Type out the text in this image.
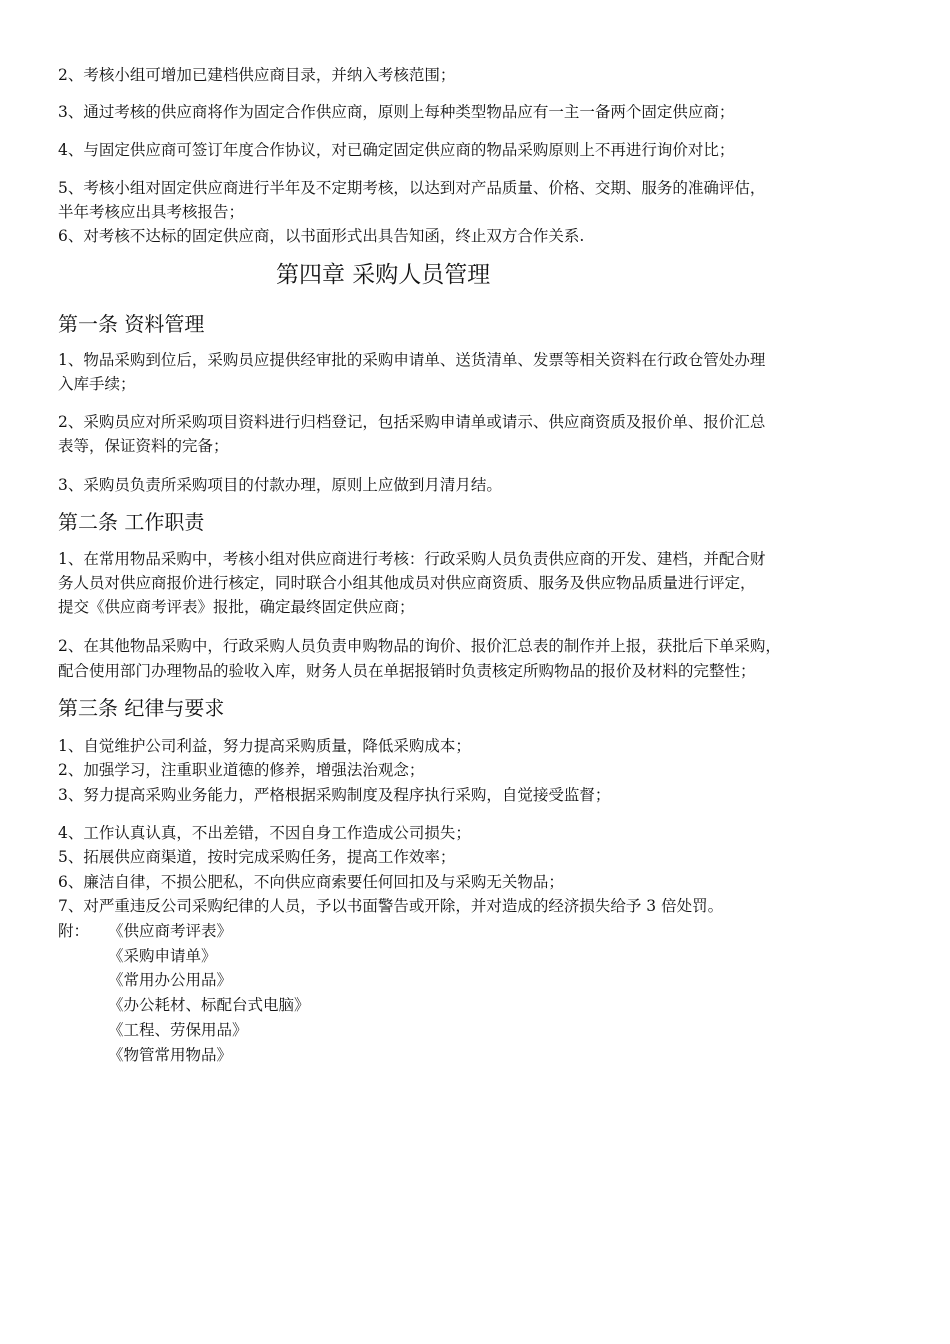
2、考核小组可增加已建档供应商目录，并纳入考核范围；

3、通过考核的供应商将作为固定合作供应商，原则上每种类型物品应有一主一备两个固定供应商；

4、与固定供应商可签订年度合作协议，对已确定固定供应商的物品采购原则上不再进行询价对比；

5、考核小组对固定供应商进行半年及不定期考核，以达到对产品质量、价格、交期、服务的准确评估，

半年考核应出具考核报告；

6、对考核不达标的固定供应商，以书面形式出具告知函，终止双方合作关系.

第四章 采购人员管理
第一条 资料管理

1、物品采购到位后，采购员应提供经审批的采购申请单、送货清单、发票等相关资料在行政仓管处办理

入库手续；

2、采购员应对所采购项目资料进行归档登记，包括采购申请单或请示、供应商资质及报价单、报价汇总

表等，保证资料的完备；

3、采购员负责所采购项目的付款办理，原则上应做到月清月结。

第二条 工作职责

1、在常用物品采购中，考核小组对供应商进行考核：行政采购人员负责供应商的开发、建档，并配合财

务人员对供应商报价进行核定，同时联合小组其他成员对供应商资质、服务及供应物品质量进行评定，

提交《供应商考评表》报批，确定最终固定供应商；

2、在其他物品采购中，行政采购人员负责申购物品的询价、报价汇总表的制作并上报，获批后下单采购，

配合使用部门办理物品的验收入库，财务人员在单据报销时负责核定所购物品的报价及材料的完整性；

第三条 纪律与要求

1、自觉维护公司利益，努力提高采购质量，降低采购成本；

2、加强学习，注重职业道德的修养，增强法治观念；

3、努力提高采购业务能力，严格根据采购制度及程序执行采购，自觉接受监督；

4、工作认真认真，不出差错，不因自身工作造成公司损失；

5、拓展供应商渠道，按时完成采购任务，提高工作效率；

6、廉洁自律，不损公肥私，不向供应商索要任何回扣及与采购无关物品；

7、对严重违反公司采购纪律的人员，予以书面警告或开除，并对造成的经济损失给予 3 倍处罚。

附： 《供应商考评表》
《采购申请单》
《常用办公用品》
《办公耗材、标配台式电脑》
《工程、劳保用品》
《物管常用物品》
